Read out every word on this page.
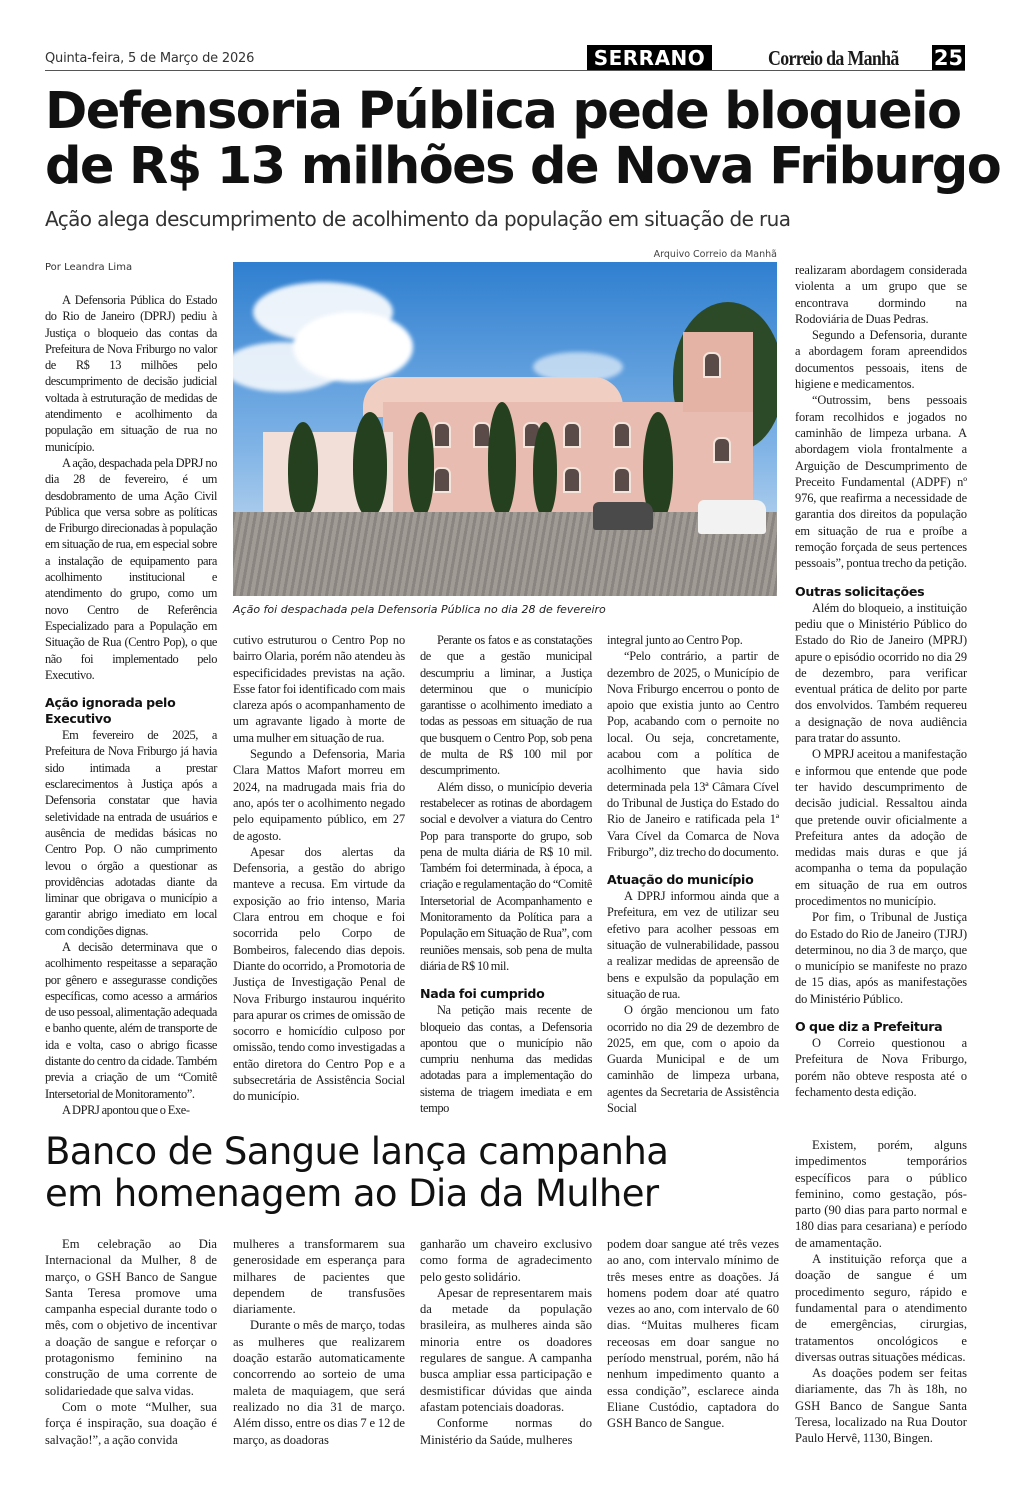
Quinta-feira, 5 de Março de 2026	SERRANO	Correio da Manhã 25
Defensoria Pública pede bloqueio
de R$ 13 milhões de Nova Friburgo
Ação alega descumprimento de acolhimento da população em situação de rua
Por Leandra Lima
Arquivo Correio da Manhã
Ação foi despachada pela Defensoria Pública no dia 28 de fevereiro

A Defensoria Pública do Estado do Rio de Janeiro (DPRJ) pediu à Justiça o bloqueio das contas da Prefeitura de Nova Friburgo no valor de R$ 13 milhões pelo descumprimento de decisão judicial voltada à estruturação de medidas de atendimento e acolhimento da população em situação de rua no município.

A ação, despachada pela DPRJ no dia 28 de fevereiro, é um desdobramento de uma Ação Civil Pública que versa sobre as políticas de Friburgo direcionadas à população em situação de rua, em especial sobre a instalação de equipamento para acolhimento institucional e atendimento do grupo, como um novo Centro de Referência Especializado para a População em Situação de Rua (Centro Pop), o que não foi implementado pelo Executivo.

Ação ignorada pelo Executivo

Em fevereiro de 2025, a Prefeitura de Nova Friburgo já havia sido intimada a prestar esclarecimentos à Justiça após a Defensoria constatar que havia seletividade na entrada de usuários e ausência de medidas básicas no Centro Pop. O não cumprimento levou o órgão a questionar as providências adotadas diante da liminar que obrigava o município a garantir abrigo imediato em local com condições dignas.

A decisão determinava que o acolhimento respeitasse a separação por gênero e assegurasse condições específicas, como acesso a armários de uso pessoal, alimentação adequada e banho quente, além de transporte de ida e volta, caso o abrigo ficasse distante do centro da cidade. Também previa a criação de um “Comitê Intersetorial de Monitoramento”.

A DPRJ apontou que o Exe-

cutivo estruturou o Centro Pop no bairro Olaria, porém não atendeu às especificidades previstas na ação. Esse fator foi identificado com mais clareza após o acompanhamento de um agravante ligado à morte de uma mulher em situação de rua.

Segundo a Defensoria, Maria Clara Mattos Mafort morreu em 2024, na madrugada mais fria do ano, após ter o acolhimento negado pelo equipamento público, em 27 de agosto.

Apesar dos alertas da Defensoria, a gestão do abrigo manteve a recusa. Em virtude da exposição ao frio intenso, Maria Clara entrou em choque e foi socorrida pelo Corpo de Bombeiros, falecendo dias depois. Diante do ocorrido, a Promotoria de Justiça de Investigação Penal de Nova Friburgo instaurou inquérito para apurar os crimes de omissão de socorro e homicídio culposo por omissão, tendo como investigadas a então diretora do Centro Pop e a subsecretária de Assistência Social do município.

Perante os fatos e as constatações de que a gestão municipal descumpriu a liminar, a Justiça determinou que o município garantisse o acolhimento imediato a todas as pessoas em situação de rua que busquem o Centro Pop, sob pena de multa de R$ 100 mil por descumprimento.

Além disso, o município deveria restabelecer as rotinas de abordagem social e devolver a viatura do Centro Pop para transporte do grupo, sob pena de multa diária de R$ 10 mil. Também foi determinada, à época, a criação e regulamentação do “Comitê Intersetorial de Acompanhamento e Monitoramento da Política para a População em Situação de Rua”, com reuniões mensais, sob pena de multa diária de R$ 10 mil.

Nada foi cumprido

Na petição mais recente de bloqueio das contas, a Defensoria apontou que o município não cumpriu nenhuma das medidas adotadas para a implementação do sistema de triagem imediata e em tempo

integral junto ao Centro Pop.

“Pelo contrário, a partir de dezembro de 2025, o Município de Nova Friburgo encerrou o ponto de apoio que existia junto ao Centro Pop, acabando com o pernoite no local. Ou seja, concretamente, acabou com a política de acolhimento que havia sido determinada pela 13ª Câmara Cível do Tribunal de Justiça do Estado do Rio de Janeiro e ratificada pela 1ª Vara Cível da Comarca de Nova Friburgo”, diz trecho do documento.

Atuação do município

A DPRJ informou ainda que a Prefeitura, em vez de utilizar seu efetivo para acolher pessoas em situação de vulnerabilidade, passou a realizar medidas de apreensão de bens e expulsão da população em situação de rua.

O órgão mencionou um fato ocorrido no dia 29 de dezembro de 2025, em que, com o apoio da Guarda Municipal e de um caminhão de limpeza urbana, agentes da Secretaria de Assistência Social

realizaram abordagem considerada violenta a um grupo que se encontrava dormindo na Rodoviária de Duas Pedras.

Segundo a Defensoria, durante a abordagem foram apreendidos documentos pessoais, itens de higiene e medicamentos.

“Outrossim, bens pessoais foram recolhidos e jogados no caminhão de limpeza urbana. A abordagem viola frontalmente a Arguição de Descumprimento de Preceito Fundamental (ADPF) nº 976, que reafirma a necessidade de garantia dos direitos da população em situação de rua e proíbe a remoção forçada de seus pertences pessoais”, pontua trecho da petição.

Outras solicitações

Além do bloqueio, a instituição pediu que o Ministério Público do Estado do Rio de Janeiro (MPRJ) apure o episódio ocorrido no dia 29 de dezembro, para verificar eventual prática de delito por parte dos envolvidos. Também requereu a designação de nova audiência para tratar do assunto.

O MPRJ aceitou a manifestação e informou que entende que pode ter havido descumprimento de decisão judicial. Ressaltou ainda que pretende ouvir oficialmente a Prefeitura antes da adoção de medidas mais duras e que já acompanha o tema da população em situação de rua em outros procedimentos no município.

Por fim, o Tribunal de Justiça do Estado do Rio de Janeiro (TJRJ) determinou, no dia 3 de março, que o município se manifeste no prazo de 15 dias, após as manifestações do Ministério Público.

O que diz a Prefeitura

O Correio questionou a Prefeitura de Nova Friburgo, porém não obteve resposta até o fechamento desta edição.

Banco de Sangue lança campanha
em homenagem ao Dia da Mulher

Em celebração ao Dia Internacional da Mulher, 8 de março, o GSH Banco de Sangue Santa Teresa promove uma campanha especial durante todo o mês, com o objetivo de incentivar a doação de sangue e reforçar o protagonismo feminino na construção de uma corrente de solidariedade que salva vidas.

Com o mote “Mulher, sua força é inspiração, sua doação é salvação!”, a ação convida

mulheres a transformarem sua generosidade em esperança para milhares de pacientes que dependem de transfusões diariamente.

Durante o mês de março, todas as mulheres que realizarem doação estarão automaticamente concorrendo ao sorteio de uma maleta de maquiagem, que será realizado no dia 31 de março. Além disso, entre os dias 7 e 12 de março, as doadoras

ganharão um chaveiro exclusivo como forma de agradecimento pelo gesto solidário.

Apesar de representarem mais da metade da população brasileira, as mulheres ainda são minoria entre os doadores regulares de sangue. A campanha busca ampliar essa participação e desmistificar dúvidas que ainda afastam potenciais doadoras.

Conforme normas do Ministério da Saúde, mulheres

podem doar sangue até três vezes ao ano, com intervalo mínimo de três meses entre as doações. Já homens podem doar até quatro vezes ao ano, com intervalo de 60 dias. “Muitas mulheres ficam receosas em doar sangue no período menstrual, porém, não há nenhum impedimento quanto a essa condição”, esclarece ainda Eliane Custódio, captadora do GSH Banco de Sangue.

Existem, porém, alguns impedimentos temporários específicos para o público feminino, como gestação, pós-parto (90 dias para parto normal e 180 dias para cesariana) e período de amamentação.

A instituição reforça que a doação de sangue é um procedimento seguro, rápido e fundamental para o atendimento de emergências, cirurgias, tratamentos oncológicos e diversas outras situações médicas.

As doações podem ser feitas diariamente, das 7h às 18h, no GSH Banco de Sangue Santa Teresa, localizado na Rua Doutor Paulo Hervê, 1130, Bingen.
